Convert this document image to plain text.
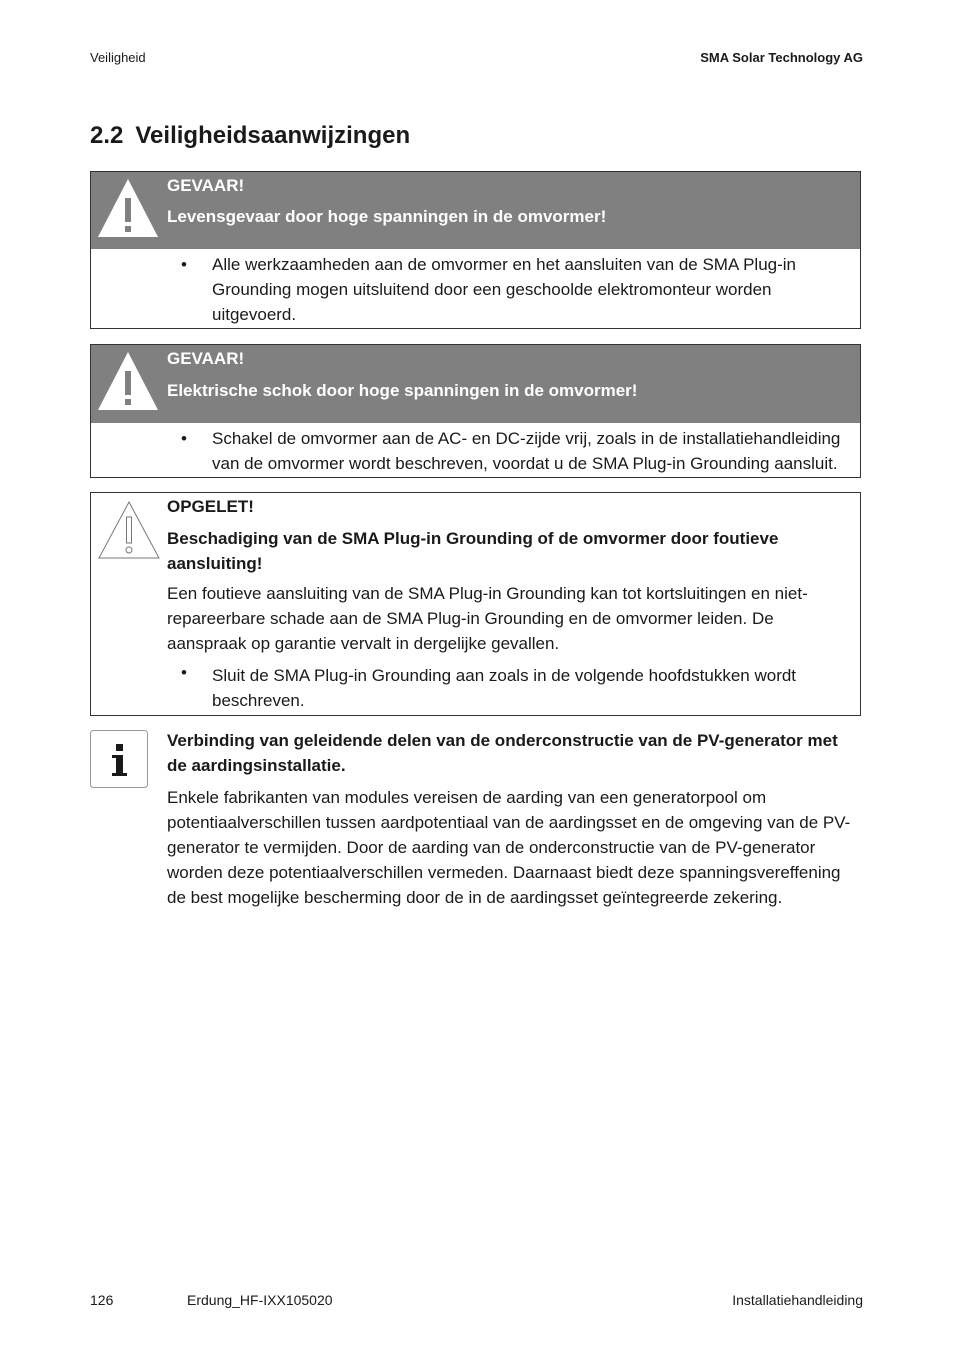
Veiligheid	SMA Solar Technology AG
2.2 Veiligheidsaanwijzingen
GEVAAR!
Levensgevaar door hoge spanningen in de omvormer!
• Alle werkzaamheden aan de omvormer en het aansluiten van de SMA Plug-in Grounding mogen uitsluitend door een geschoolde elektromonteur worden uitgevoerd.
GEVAAR!
Elektrische schok door hoge spanningen in de omvormer!
• Schakel de omvormer aan de AC- en DC-zijde vrij, zoals in de installatiehandleiding van de omvormer wordt beschreven, voordat u de SMA Plug-in Grounding aansluit.
OPGELET!
Beschadiging van de SMA Plug-in Grounding of de omvormer door foutieve aansluiting!
Een foutieve aansluiting van de SMA Plug-in Grounding kan tot kortsluitingen en niet-repareerbare schade aan de SMA Plug-in Grounding en de omvormer leiden. De aanspraak op garantie vervalt in dergelijke gevallen.
• Sluit de SMA Plug-in Grounding aan zoals in de volgende hoofdstukken wordt beschreven.
Verbinding van geleidende delen van de onderconstructie van de PV-generator met de aardingsinstallatie.
Enkele fabrikanten van modules vereisen de aarding van een generatorpool om potentiaalverschillen tussen aardpotentiaal van de aardingsset en de omgeving van de PV-generator te vermijden. Door de aarding van de onderconstructie van de PV-generator worden deze potentiaalverschillen vermeden. Daarnaast biedt deze spanningsvereffening de best mogelijke bescherming door de in de aardingsset geïntegreerde zekering.
126	Erdung_HF-IXX105020	Installatiehandleiding
